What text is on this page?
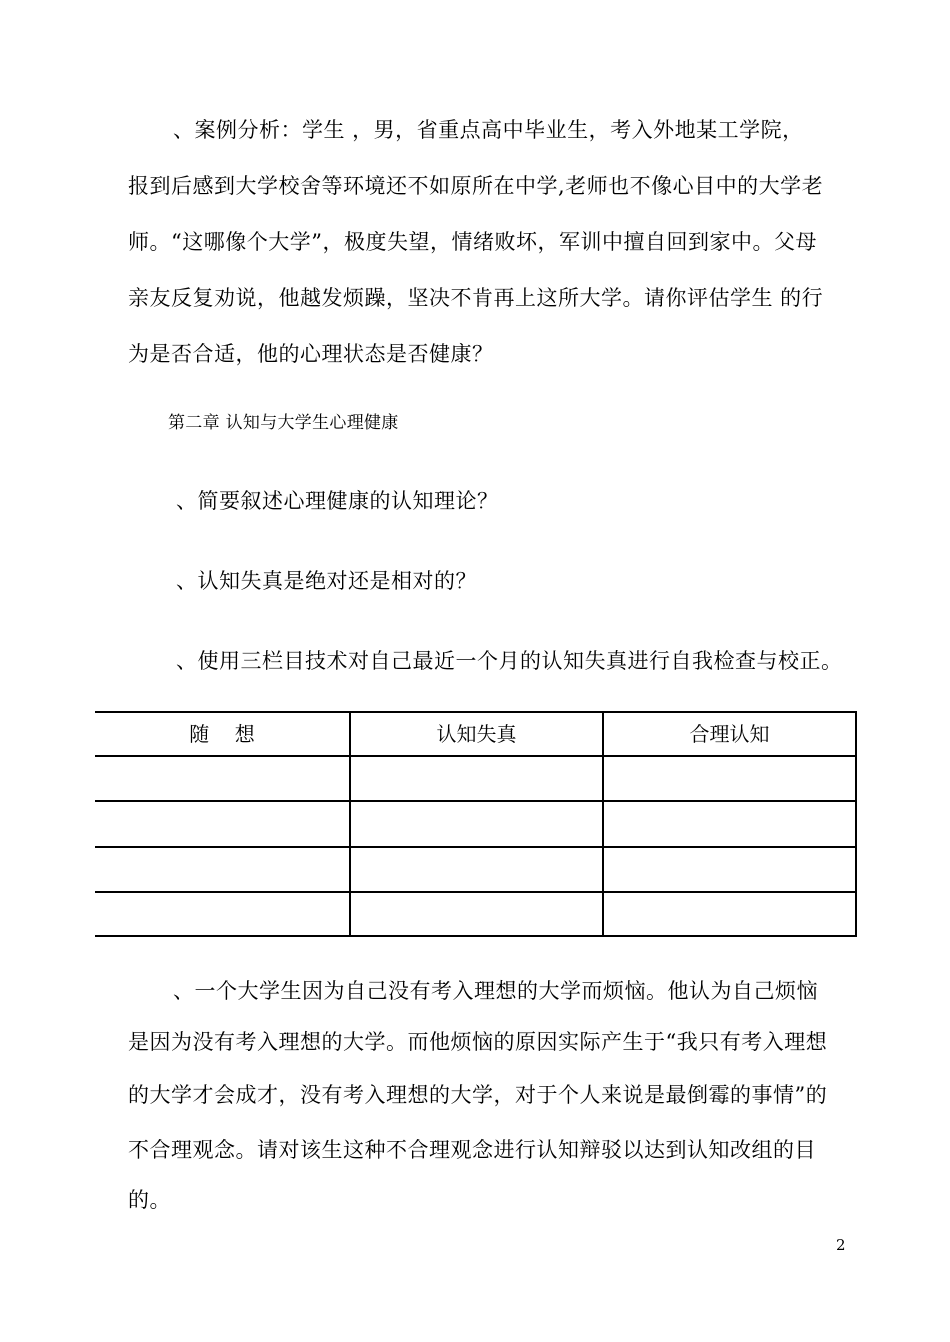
、案例分析：学生 ，男，省重点高中毕业生，考入外地某工学院，
报到后感到大学校舍等环境还不如原所在中学,老师也不像心目中的大学老
师。“这哪像个大学”，极度失望，情绪败坏，军训中擅自回到家中。父母
亲友反复劝说，他越发烦躁，坚决不肯再上这所大学。请你评估学生 的行
为是否合适，他的心理状态是否健康？
第二章 认知与大学生心理健康
、简要叙述心理健康的认知理论？
、认知失真是绝对还是相对的？
、使用三栏目技术对自己最近一个月的认知失真进行自我检查与校正。
随    想	认知失真	合理认知
、一个大学生因为自己没有考入理想的大学而烦恼。他认为自己烦恼
是因为没有考入理想的大学。而他烦恼的原因实际产生于“我只有考入理想
的大学才会成才，没有考入理想的大学，对于个人来说是最倒霉的事情”的
不合理观念。请对该生这种不合理观念进行认知辩驳以达到认知改组的目
的。
2
